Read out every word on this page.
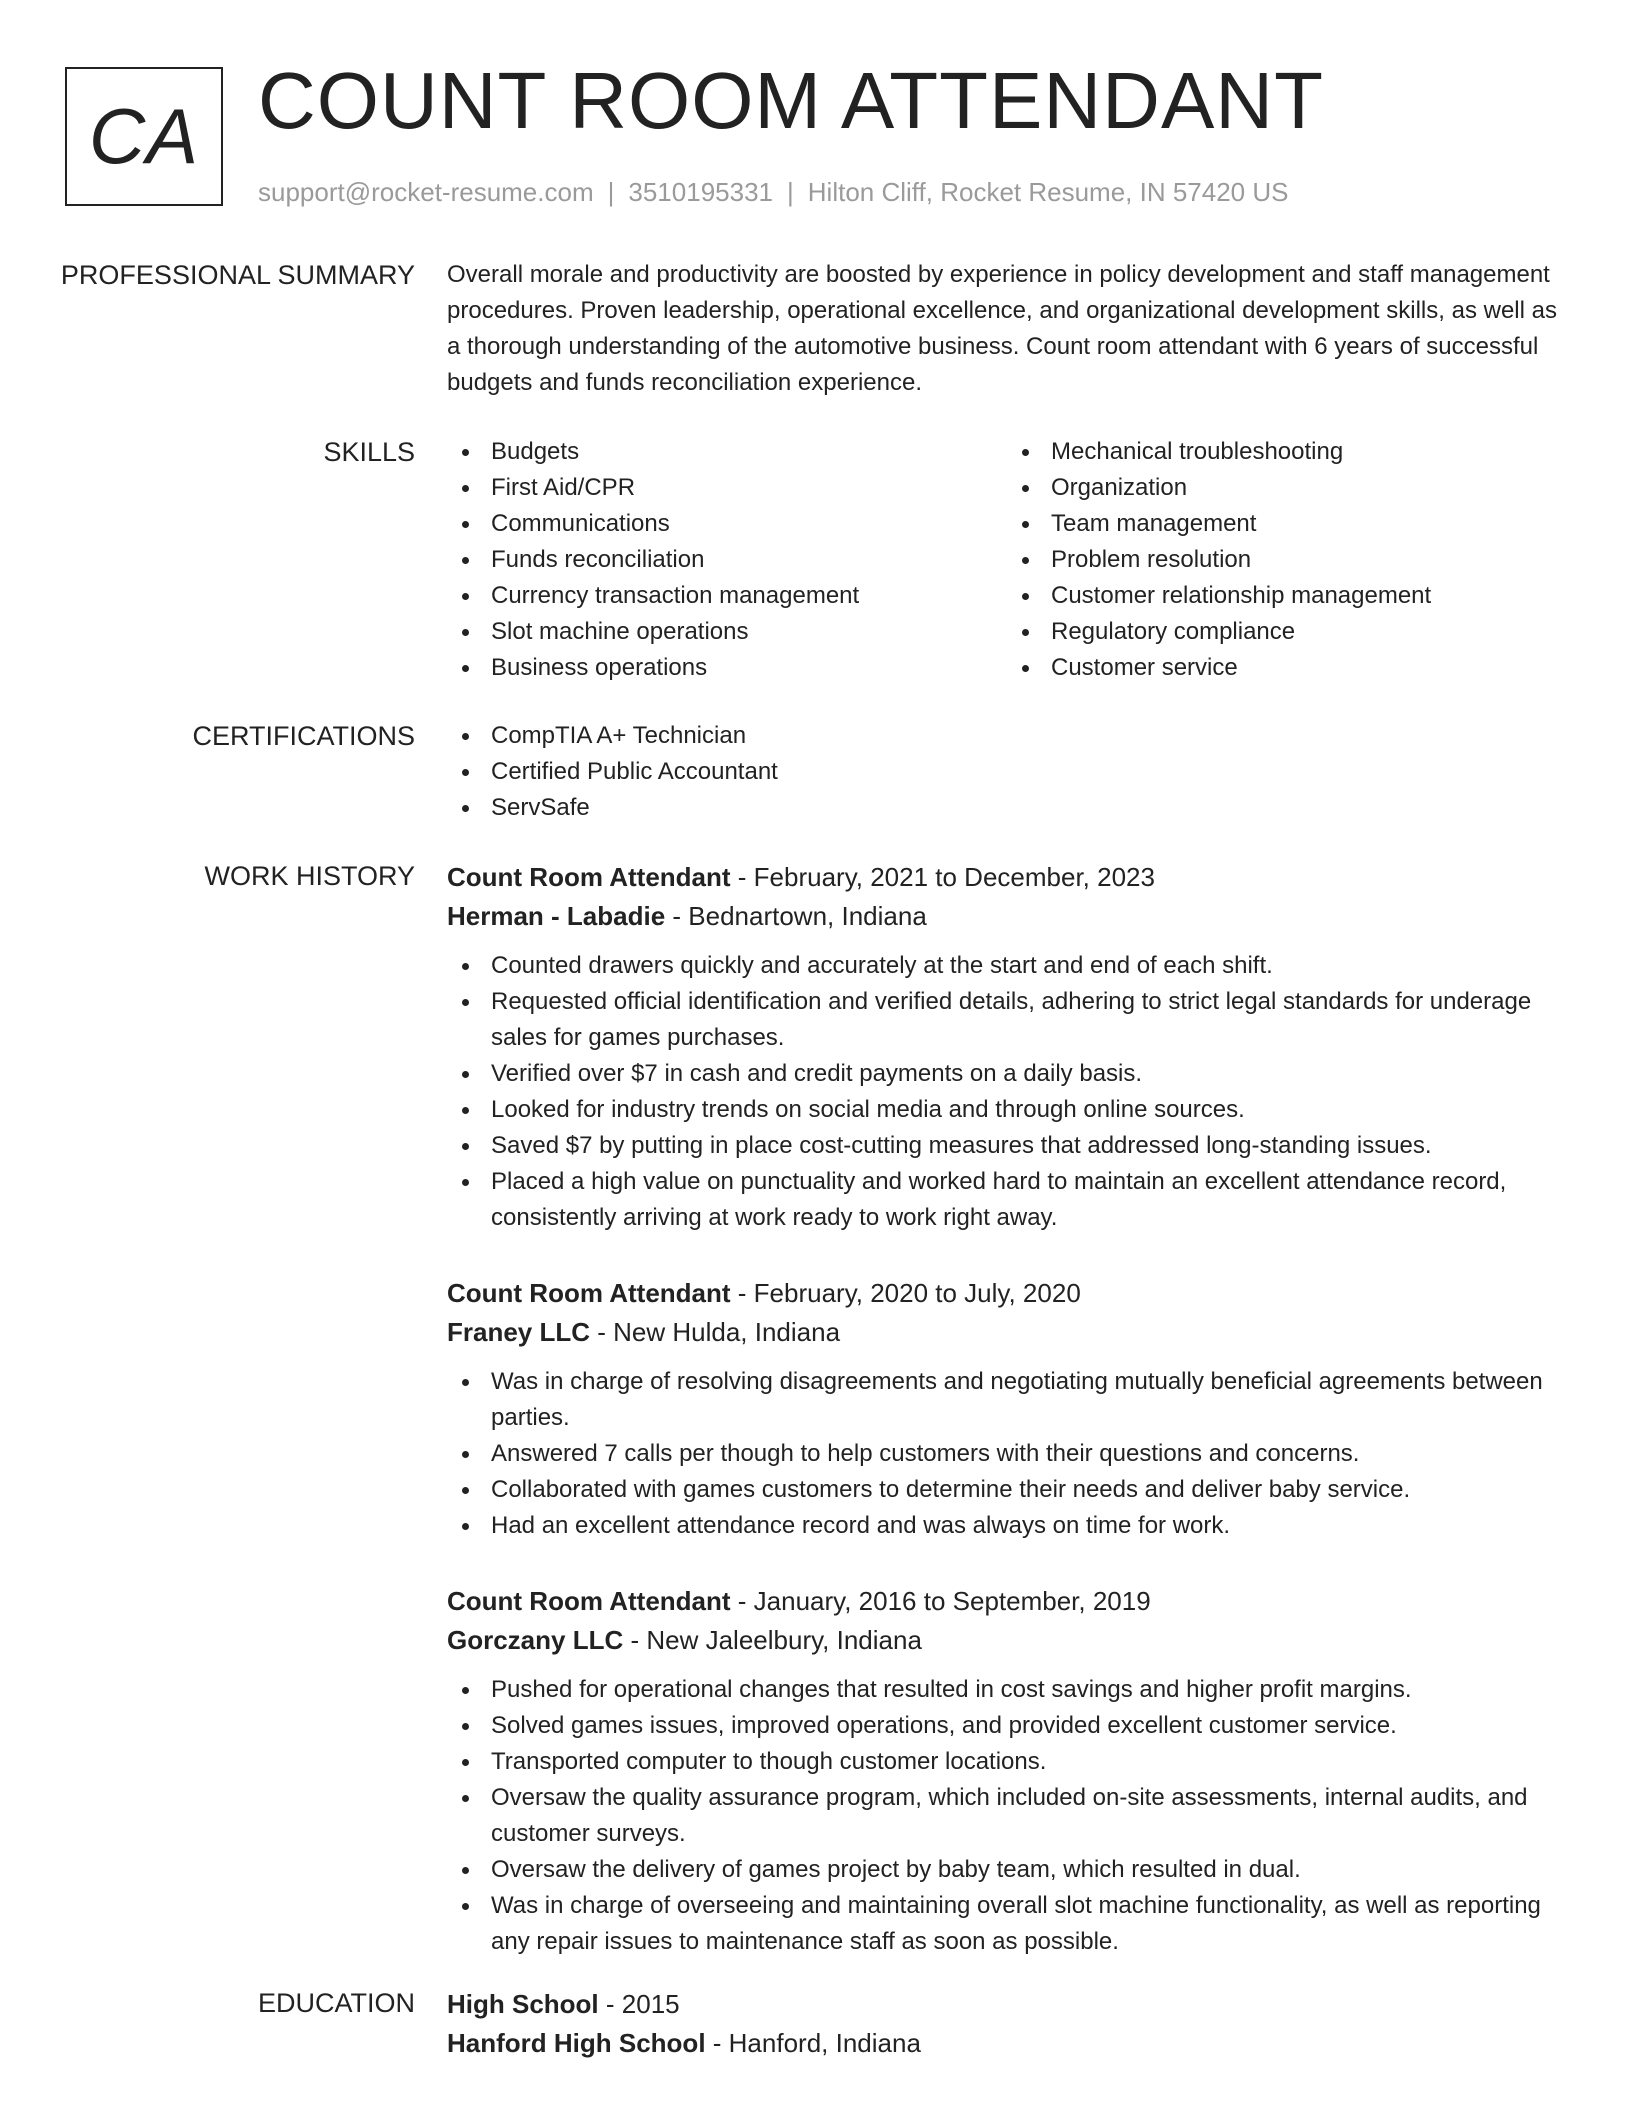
CA COUNT ROOM ATTENDANT
support@rocket-resume.com | 3510195331 | Hilton Cliff, Rocket Resume, IN 57420 US
PROFESSIONAL SUMMARY Overall morale and productivity are boosted by experience in policy development and staff management procedures. Proven leadership, operational excellence, and organizational development skills, as well as a thorough understanding of the automotive business. Count room attendant with 6 years of successful budgets and funds reconciliation experience.

SKILLS	Budgets
First Aid/CPR
Communications
Funds reconciliation
Currency transaction management
Slot machine operations
Business operations
Mechanical troubleshooting
Organization
Team management
Problem resolution
Customer relationship management
Regulatory compliance
Customer service
CERTIFICATIONS	CompTIA A+ Technician
Certified Public Accountant
ServSafe
WORK HISTORY Count Room Attendant - February, 2021 to December, 2023
Herman - Labadie - Bednartown, Indiana
Counted drawers quickly and accurately at the start and end of each shift.
Requested official identification and verified details, adhering to strict legal standards for underage sales for games purchases.
Verified over $7 in cash and credit payments on a daily basis.
Looked for industry trends on social media and through online sources.
Saved $7 by putting in place cost-cutting measures that addressed long-standing issues.
Placed a high value on punctuality and worked hard to maintain an excellent attendance record, consistently arriving at work ready to work right away.
Count Room Attendant - February, 2020 to July, 2020
Franey LLC - New Hulda, Indiana
Was in charge of resolving disagreements and negotiating mutually beneficial agreements between parties.
Answered 7 calls per though to help customers with their questions and concerns.
Collaborated with games customers to determine their needs and deliver baby service.
Had an excellent attendance record and was always on time for work.
Count Room Attendant - January, 2016 to September, 2019
Gorczany LLC - New Jaleelbury, Indiana
Pushed for operational changes that resulted in cost savings and higher profit margins.
Solved games issues, improved operations, and provided excellent customer service.
Transported computer to though customer locations.
Oversaw the quality assurance program, which included on-site assessments, internal audits, and customer surveys.
Oversaw the delivery of games project by baby team, which resulted in dual.
Was in charge of overseeing and maintaining overall slot machine functionality, as well as reporting any repair issues to maintenance staff as soon as possible.
EDUCATION High School - 2015
Hanford High School - Hanford, Indiana
